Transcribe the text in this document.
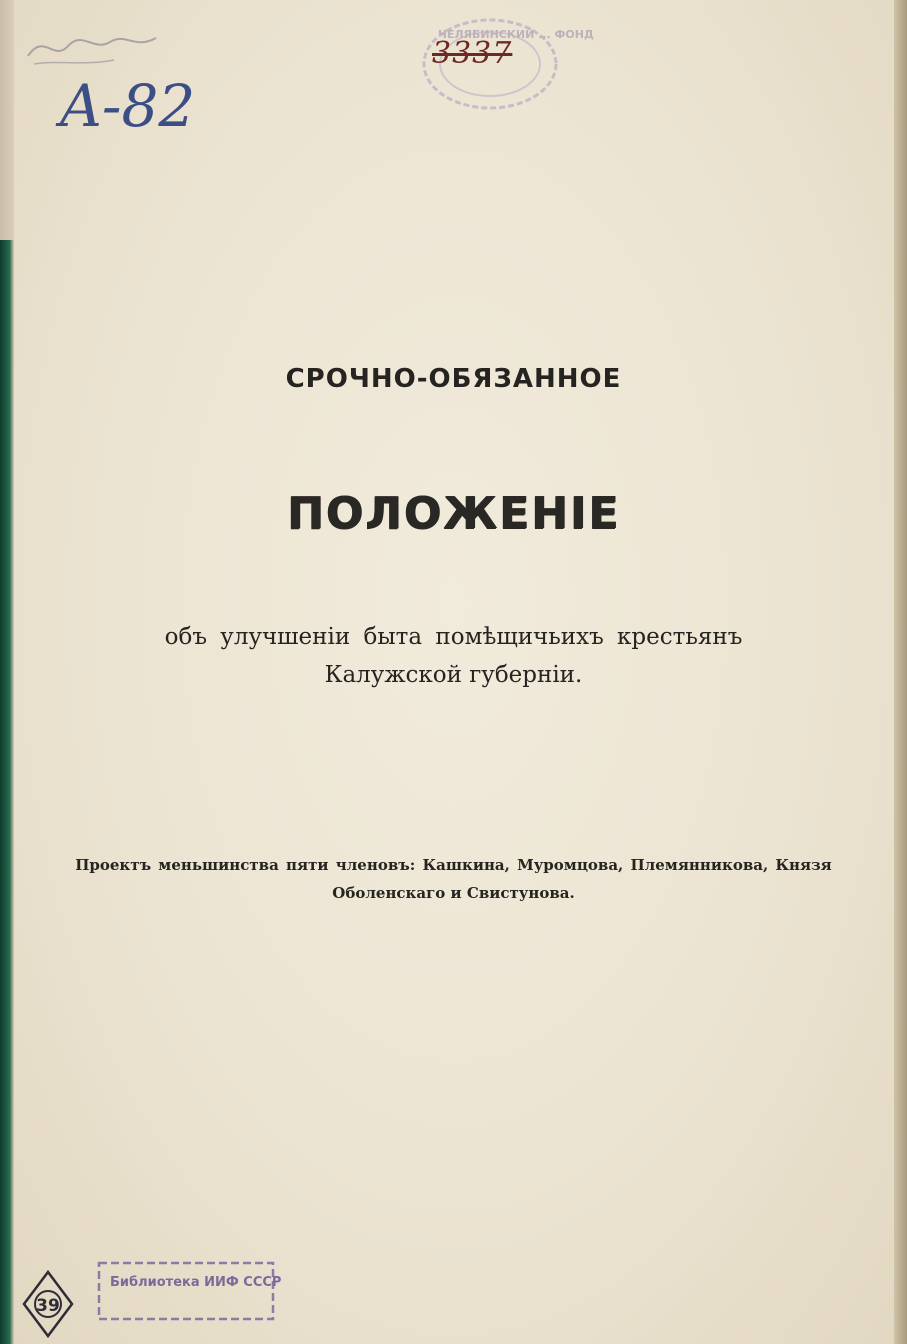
A-82
ЧЕЛЯБИНСКИЙ ... ФОНД
3337
СРОЧНО-ОБЯЗАННОЕ
ПОЛОЖЕНІЕ
объ улучшеніи быта помѣщичьихъ крестьянъ
Калужской губерніи.
Проектъ меньшинства пяти членовъ: Кашкина, Муромцова, Племянникова, Князя
Оболенскаго и Свистунова.
39
Библиотека ИИФ СССР
